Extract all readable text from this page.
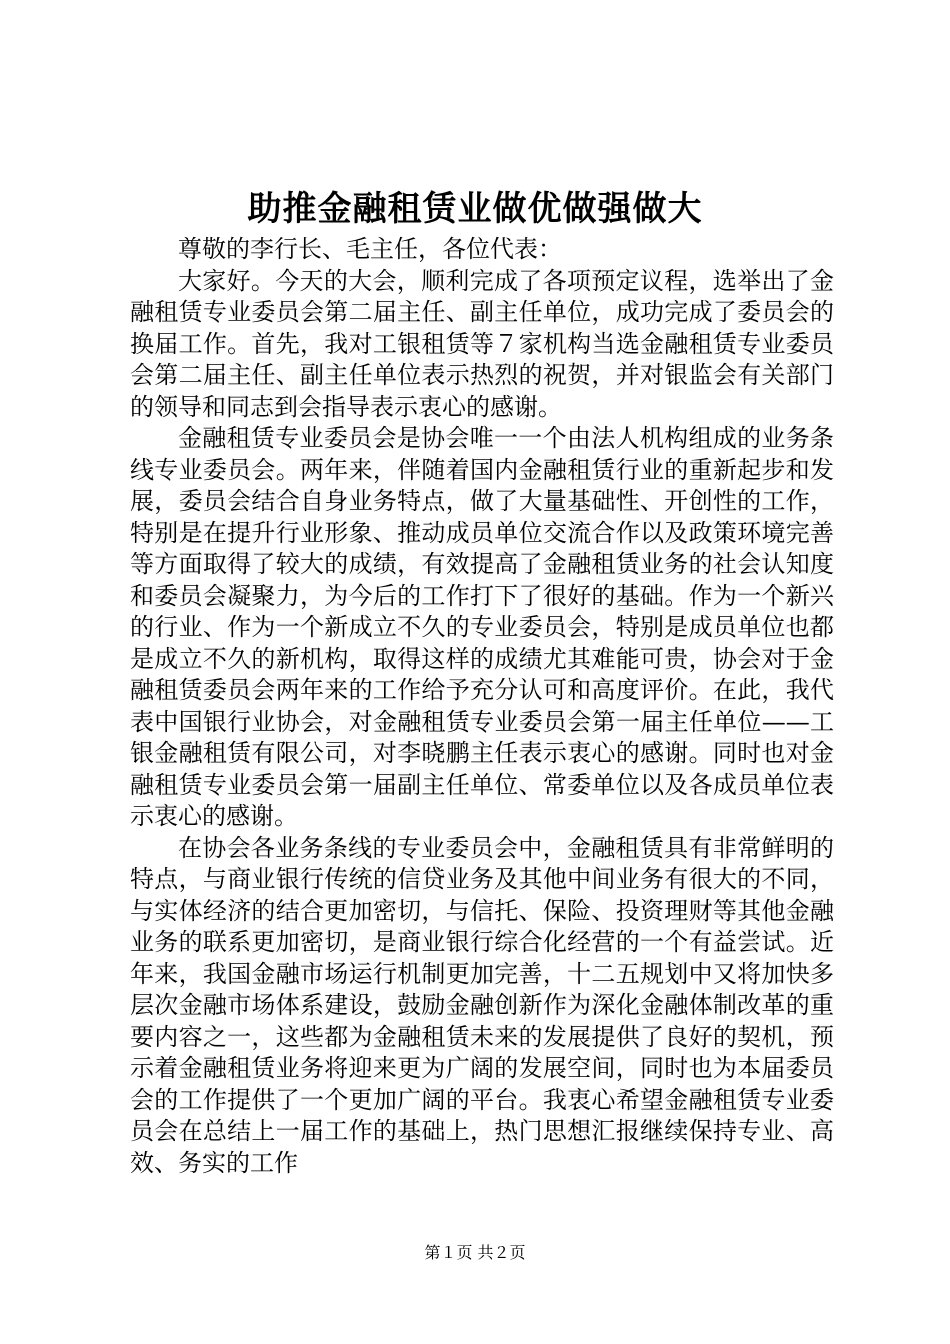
助推金融租赁业做优做强做大

尊敬的李行长、毛主任，各位代表：

大家好。今天的大会，顺利完成了各项预定议程，选举出了金融租赁专业委员会第二届主任、副主任单位，成功完成了委员会的换届工作。首先，我对工银租赁等７家机构当选金融租赁专业委员会第二届主任、副主任单位表示热烈的祝贺，并对银监会有关部门的领导和同志到会指导表示衷心的感谢。

金融租赁专业委员会是协会唯一一个由法人机构组成的业务条线专业委员会。两年来，伴随着国内金融租赁行业的重新起步和发展，委员会结合自身业务特点，做了大量基础性、开创性的工作，特别是在提升行业形象、推动成员单位交流合作以及政策环境完善等方面取得了较大的成绩，有效提高了金融租赁业务的社会认知度和委员会凝聚力，为今后的工作打下了很好的基础。作为一个新兴的行业、作为一个新成立不久的专业委员会，特别是成员单位也都是成立不久的新机构，取得这样的成绩尤其难能可贵，协会对于金融租赁委员会两年来的工作给予充分认可和高度评价。在此，我代表中国银行业协会，对金融租赁专业委员会第一届主任单位——工银金融租赁有限公司，对李晓鹏主任表示衷心的感谢。同时也对金融租赁专业委员会第一届副主任单位、常委单位以及各成员单位表示衷心的感谢。

在协会各业务条线的专业委员会中，金融租赁具有非常鲜明的特点，与商业银行传统的信贷业务及其他中间业务有很大的不同，与实体经济的结合更加密切，与信托、保险、投资理财等其他金融业务的联系更加密切，是商业银行综合化经营的一个有益尝试。近年来，我国金融市场运行机制更加完善，十二五规划中又将加快多层次金融市场体系建设，鼓励金融创新作为深化金融体制改革的重要内容之一，这些都为金融租赁未来的发展提供了良好的契机，预示着金融租赁业务将迎来更为广阔的发展空间，同时也为本届委员会的工作提供了一个更加广阔的平台。我衷心希望金融租赁专业委员会在总结上一届工作的基础上，热门思想汇报继续保持专业、高效、务实的工作

第１页 共２页
